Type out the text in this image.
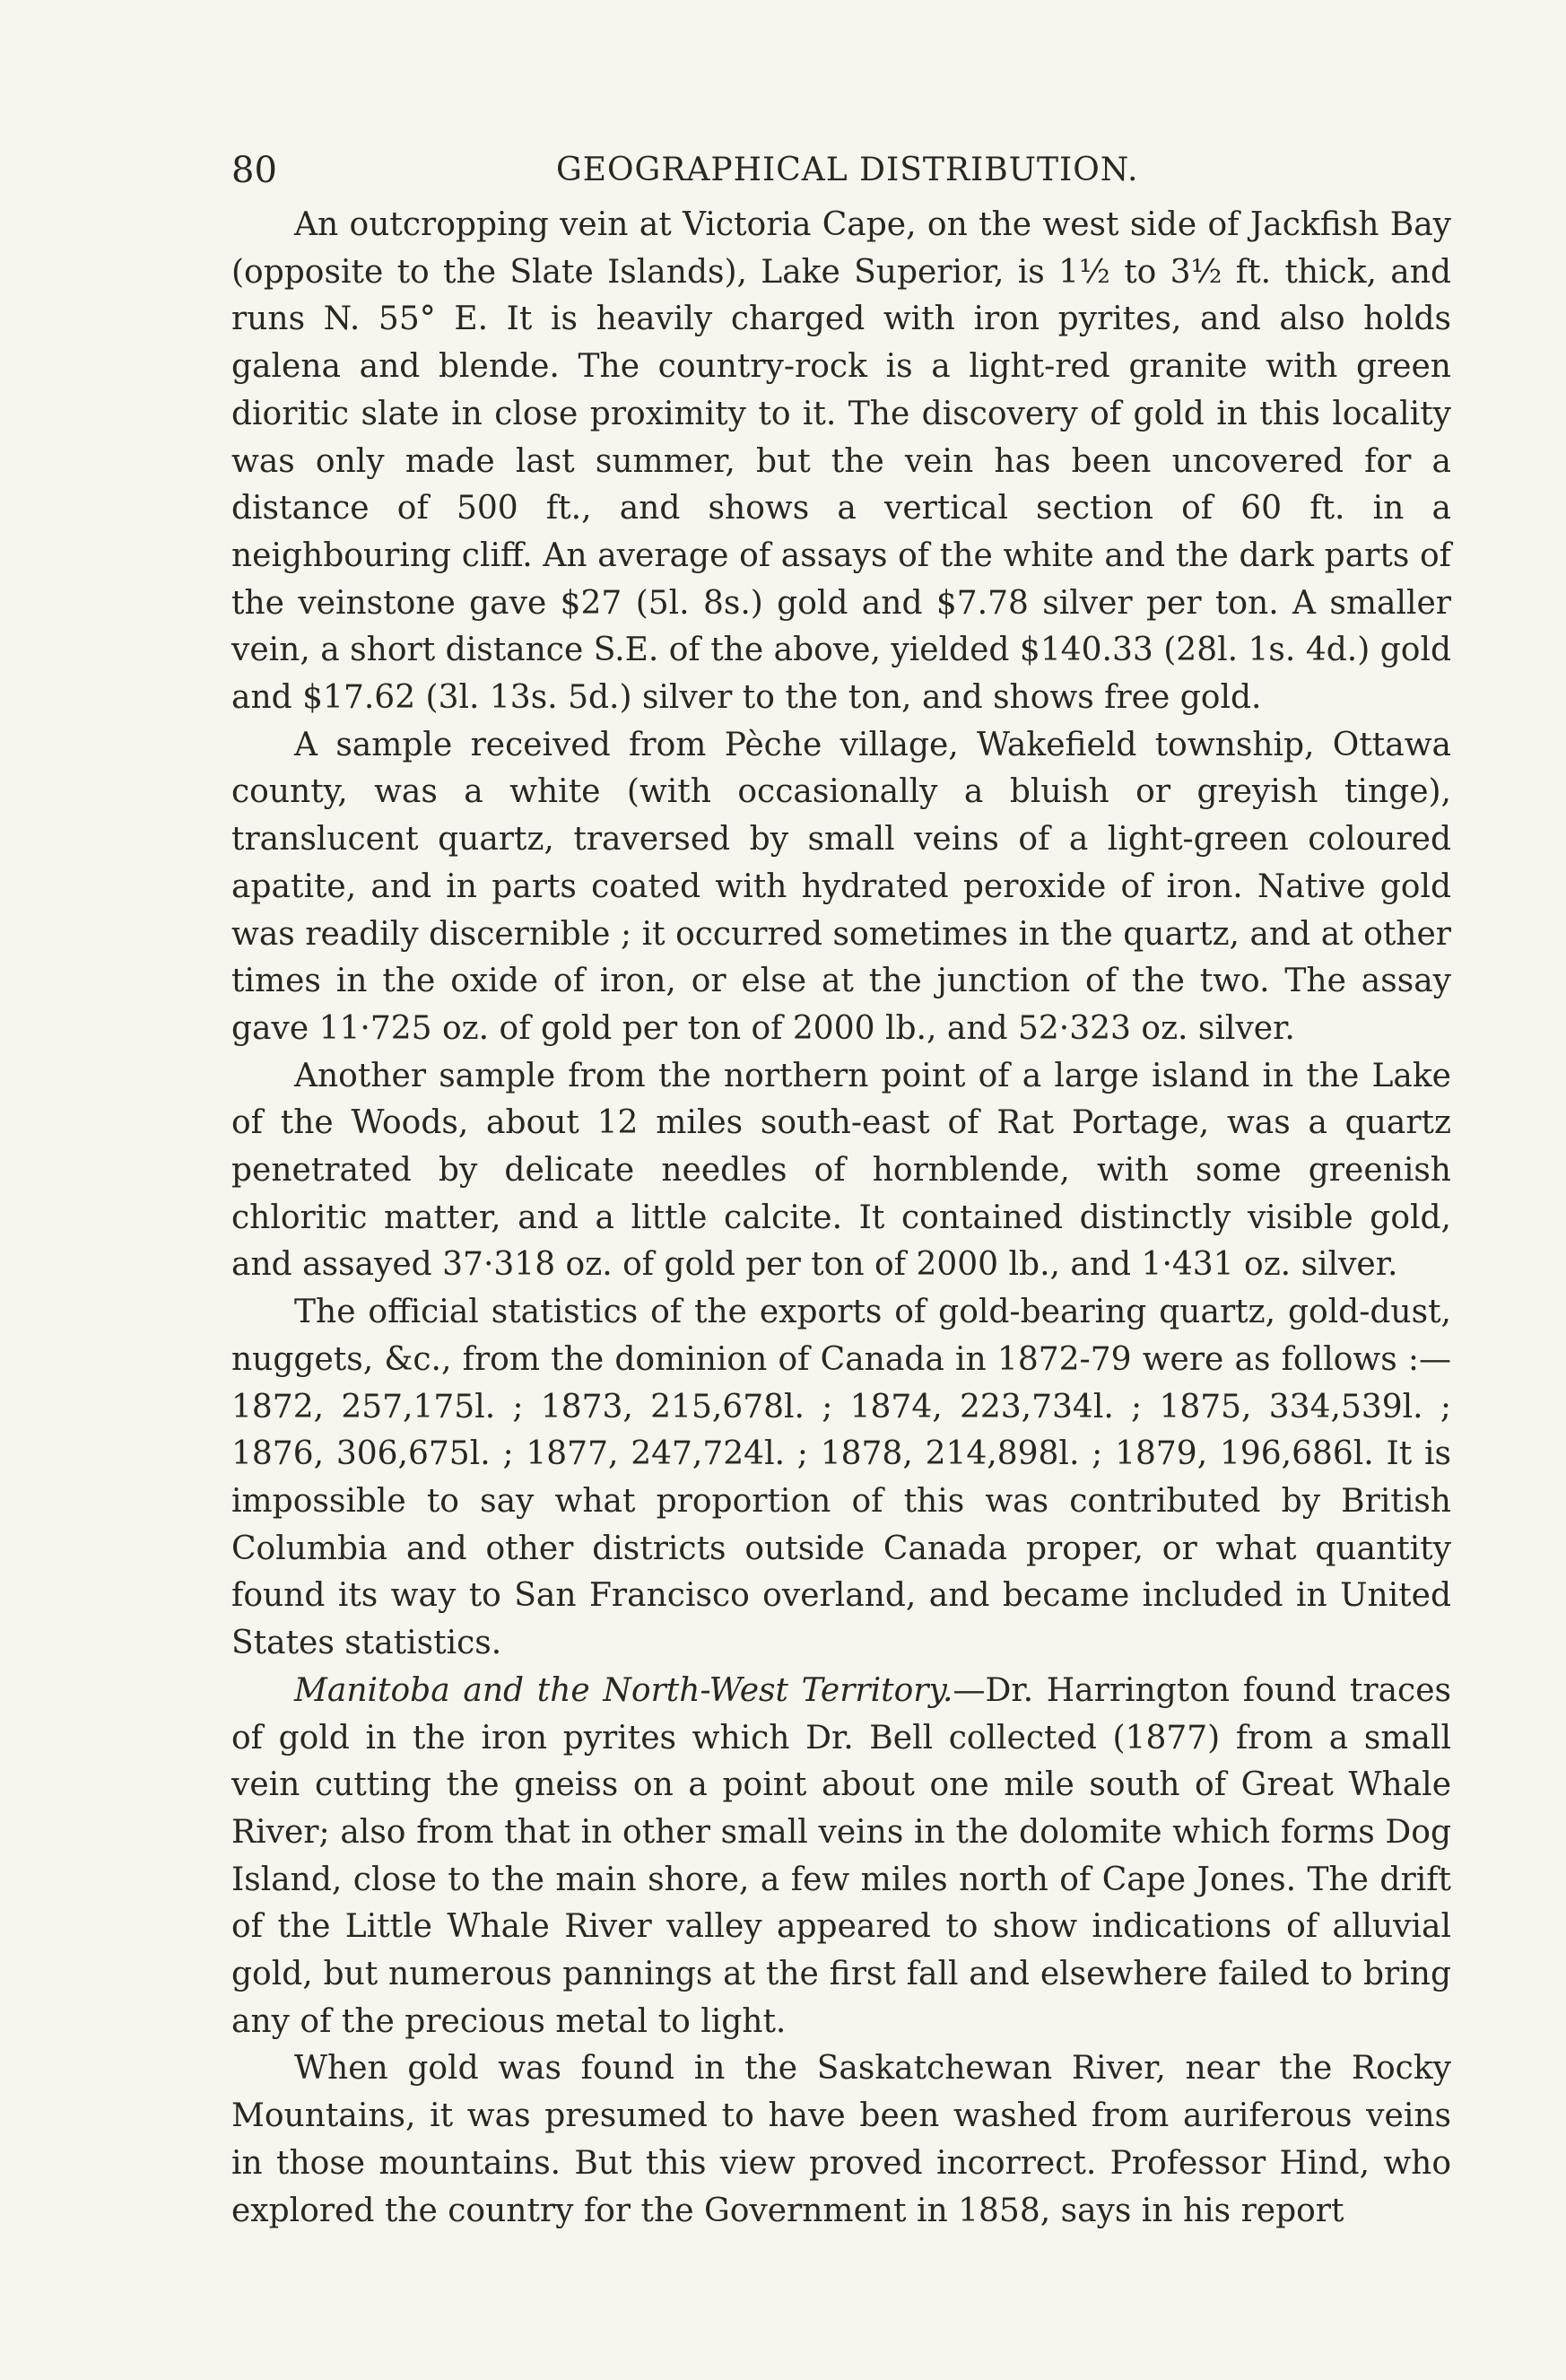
80	GEOGRAPHICAL DISTRIBUTION.

An outcropping vein at Victoria Cape, on the west side of Jackfish Bay (opposite to the Slate Islands), Lake Superior, is 1½ to 3½ ft. thick, and runs N. 55° E. It is heavily charged with iron pyrites, and also holds galena and blende. The country-rock is a light-red granite with green dioritic slate in close proximity to it. The discovery of gold in this locality was only made last summer, but the vein has been uncovered for a distance of 500 ft., and shows a vertical section of 60 ft. in a neighbouring cliff. An average of assays of the white and the dark parts of the veinstone gave $27 (5l. 8s.) gold and $7.78 silver per ton. A smaller vein, a short distance S.E. of the above, yielded $140.33 (28l. 1s. 4d.) gold and $17.62 (3l. 13s. 5d.) silver to the ton, and shows free gold.

A sample received from Pèche village, Wakefield township, Ottawa county, was a white (with occasionally a bluish or greyish tinge), translucent quartz, traversed by small veins of a light-green coloured apatite, and in parts coated with hydrated peroxide of iron. Native gold was readily discernible ; it occurred sometimes in the quartz, and at other times in the oxide of iron, or else at the junction of the two. The assay gave 11·725 oz. of gold per ton of 2000 lb., and 52·323 oz. silver.

Another sample from the northern point of a large island in the Lake of the Woods, about 12 miles south-east of Rat Portage, was a quartz penetrated by delicate needles of hornblende, with some greenish chloritic matter, and a little calcite. It contained distinctly visible gold, and assayed 37·318 oz. of gold per ton of 2000 lb., and 1·431 oz. silver.

The official statistics of the exports of gold-bearing quartz, gold-dust, nuggets, &c., from the dominion of Canada in 1872-79 were as follows :—1872, 257,175l. ; 1873, 215,678l. ; 1874, 223,734l. ; 1875, 334,539l. ; 1876, 306,675l. ; 1877, 247,724l. ; 1878, 214,898l. ; 1879, 196,686l. It is impossible to say what proportion of this was contributed by British Columbia and other districts outside Canada proper, or what quantity found its way to San Francisco overland, and became included in United States statistics.

Manitoba and the North-West Territory.—Dr. Harrington found traces of gold in the iron pyrites which Dr. Bell collected (1877) from a small vein cutting the gneiss on a point about one mile south of Great Whale River; also from that in other small veins in the dolomite which forms Dog Island, close to the main shore, a few miles north of Cape Jones. The drift of the Little Whale River valley appeared to show indications of alluvial gold, but numerous pannings at the first fall and elsewhere failed to bring any of the precious metal to light.

When gold was found in the Saskatchewan River, near the Rocky Mountains, it was presumed to have been washed from auriferous veins in those mountains. But this view proved incorrect. Professor Hind, who explored the country for the Government in 1858, says in his report
